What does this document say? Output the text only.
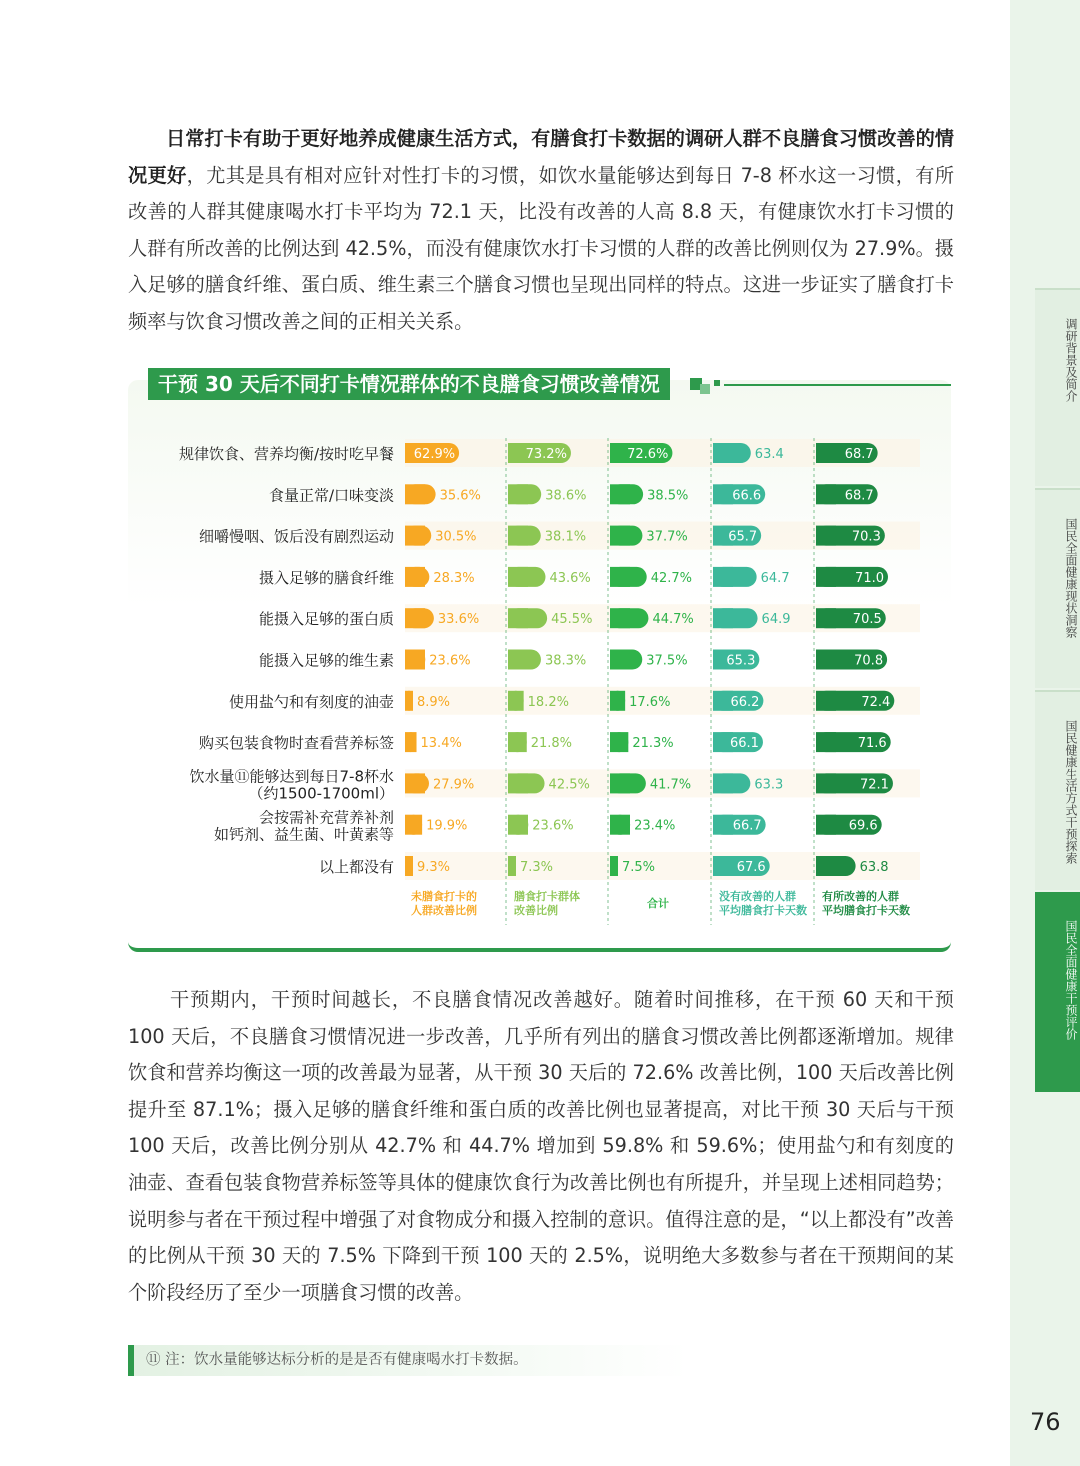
调研背景及简介
国民全面健康现状洞察
国民健康生活方式干预探索
国民全面健康干预评价

日常打卡有助于更好地养成健康生活方式，有膳食打卡数据的调研人群不良膳食习惯改善的情况更好，尤其是具有相对应针对性打卡的习惯，如饮水量能够达到每日 7-8 杯水这一习惯，有所改善的人群其健康喝水打卡平均为 72.1 天，比没有改善的人高 8.8 天，有健康饮水打卡习惯的人群有所改善的比例达到 42.5%，而没有健康饮水打卡习惯的人群的改善比例则仅为 27.9%。摄入足够的膳食纤维、蛋白质、维生素三个膳食习惯也呈现出同样的特点。这进一步证实了膳食打卡频率与饮食习惯改善之间的正相关关系。

干预 30 天后不同打卡情况群体的不良膳食习惯改善情况
规律饮食、营养均衡/按时吃早餐 62.9%	73.2%	72.6%	63.4	68.7
食量正常/口味变淡	35.6%	38.6%	38.5%	66.6	68.7
细嚼慢咽、饭后没有剧烈运动	30.5%	38.1%	37.7%	65.7	70.3
摄入足够的膳食纤维	28.3%	43.6%	42.7%	64.7	71.0
能摄入足够的蛋白质	33.6%	45.5%	44.7%	64.9	70.5
能摄入足够的维生素	23.6%	38.3%	37.5%	65.3	70.8
使用盐勺和有刻度的油壶 8.9%	18.2%	17.6%	66.2	72.4
购买包装食物时查看营养标签 13.4%	21.8%	21.3%	66.1	71.6
饮水量⑪能够达到每日7-8杯水
（约1500-1700ml）	27.9%	42.5%	41.7%	63.3	72.1
会按需补充营养补剂
如钙剂、益生菌、叶黄素等 19.9%	23.6%	23.4%	66.7	69.6
以上都没有 9.3%	7.3%	7.5%	67.6	63.8
未膳食打卡的
人群改善比例
膳食打卡群体
改善比例
合计
没有改善的人群
平均膳食打卡天数
有所改善的人群
平均膳食打卡天数

干预期内，干预时间越长，不良膳食情况改善越好。随着时间推移，在干预 60 天和干预 100 天后，不良膳食习惯情况进一步改善，几乎所有列出的膳食习惯改善比例都逐渐增加。规律饮食和营养均衡这一项的改善最为显著，从干预 30 天后的 72.6% 改善比例，100 天后改善比例提升至 87.1%；摄入足够的膳食纤维和蛋白质的改善比例也显著提高，对比干预 30 天后与干预 100 天后，改善比例分别从 42.7% 和 44.7% 增加到 59.8% 和 59.6%；使用盐勺和有刻度的油壶、查看包装食物营养标签等具体的健康饮食行为改善比例也有所提升，并呈现上述相同趋势；说明参与者在干预过程中增强了对食物成分和摄入控制的意识。值得注意的是，“以上都没有”改善的比例从干预 30 天的 7.5% 下降到干预 100 天的 2.5%，说明绝大多数参与者在干预期间的某个阶段经历了至少一项膳食习惯的改善。

⑪ 注：饮水量能够达标分析的是是否有健康喝水打卡数据。
76
